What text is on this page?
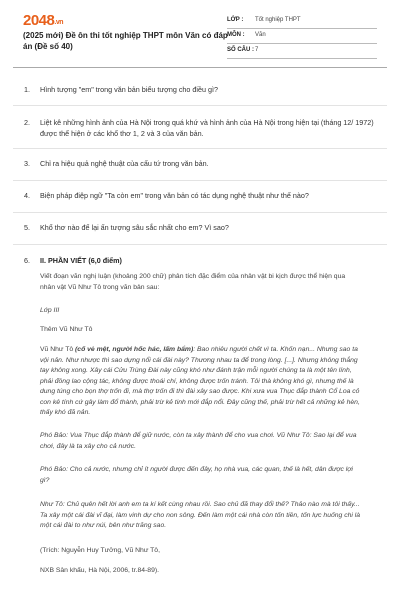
2048.vn
(2025 mới) Đề ôn thi tốt nghiệp THPT môn Văn có đáp án (Đề số 40)
LỚP : Tốt nghiệp THPT
MÔN : Văn
SỐ CÂU : 7
1. Hình tượng "em" trong văn bản biểu tượng cho điều gì?
2. Liệt kê những hình ảnh của Hà Nội trong quá khứ và hình ảnh của Hà Nội trong hiện tại (tháng 12/ 1972) được thể hiện ở các khổ thơ 1, 2 và 3 của văn bản.
3. Chỉ ra hiệu quả nghệ thuật của cấu tứ trong văn bản.
4. Biện pháp điệp ngữ "Ta còn em" trong văn bản có tác dụng nghệ thuật như thế nào?
5. Khổ thơ nào để lại ấn tượng sâu sắc nhất cho em? Vì sao?
6. II. PHẦN VIẾT (6,0 điểm)
Viết đoạn văn nghị luận (khoảng 200 chữ) phân tích đặc điểm của nhân vật bi kịch được thể hiện qua nhân vật Vũ Như Tô trong văn bản sau:
Lớp III
Thêm Vũ Như Tô
Vũ Như Tô (cố vẻ mệt, người hốc hác, lấm bẩm): Bao nhiêu người chết vì ta. Khốn nạn... Nhưng sao ta vội nản. Như nhược thì sao dựng nổi cái đài này? Thương nhau ta để trong lòng. [...]. Nhưng không thắng tay không xong. Xây cái Cửu Trùng Đài này cũng khó như đánh trận mỗi người chúng ta là một tên lính, phải đồng lao cộng tác, không được thoái chí, không được trốn tránh. Tôi thà không khó gì, nhưng thế là dung túng cho bọn thợ trốn đi, mà thợ trốn đi thì đài xây sao được. Khi xưa vua Thục đắp thành Cổ Loa cỏ con kê tính cứ gây làm đổ thành, phải trừ kẻ tinh mới đắp nổi. Đây cũng thế, phải trừ hết cả những kẻ hèn, thấy khó đã nản.
Phó Bảo: Vua Thục đắp thành để giữ nước, còn ta xây thành để cho vua chơi. Vũ Như Tô: Sao lại để vua chơi, đây là ta xây cho cả nước.
Phó Bảo: Cho cả nước, nhưng chỉ ít người được đến đây, họ nhà vua, các quan, thế là hết, dân được lợi gì?
Như Tô: Chủ quên hết lời anh em ta kí kết cùng nhau rồi. Sao chủ đã thay đổi thế? Thảo nào mà tôi thấy... Ta xây một cái đài vĩ đại, làm vinh dự cho non sông. Đến làm một cái nhà còn tốn tiền, tốn lực huống chi là một cái đài to như núi, bên như trăng sao.
(Trích: Nguyễn Huy Tưởng, Vũ Như Tô,
NXB Sân khấu, Hà Nội, 2006, tr.84-89).
